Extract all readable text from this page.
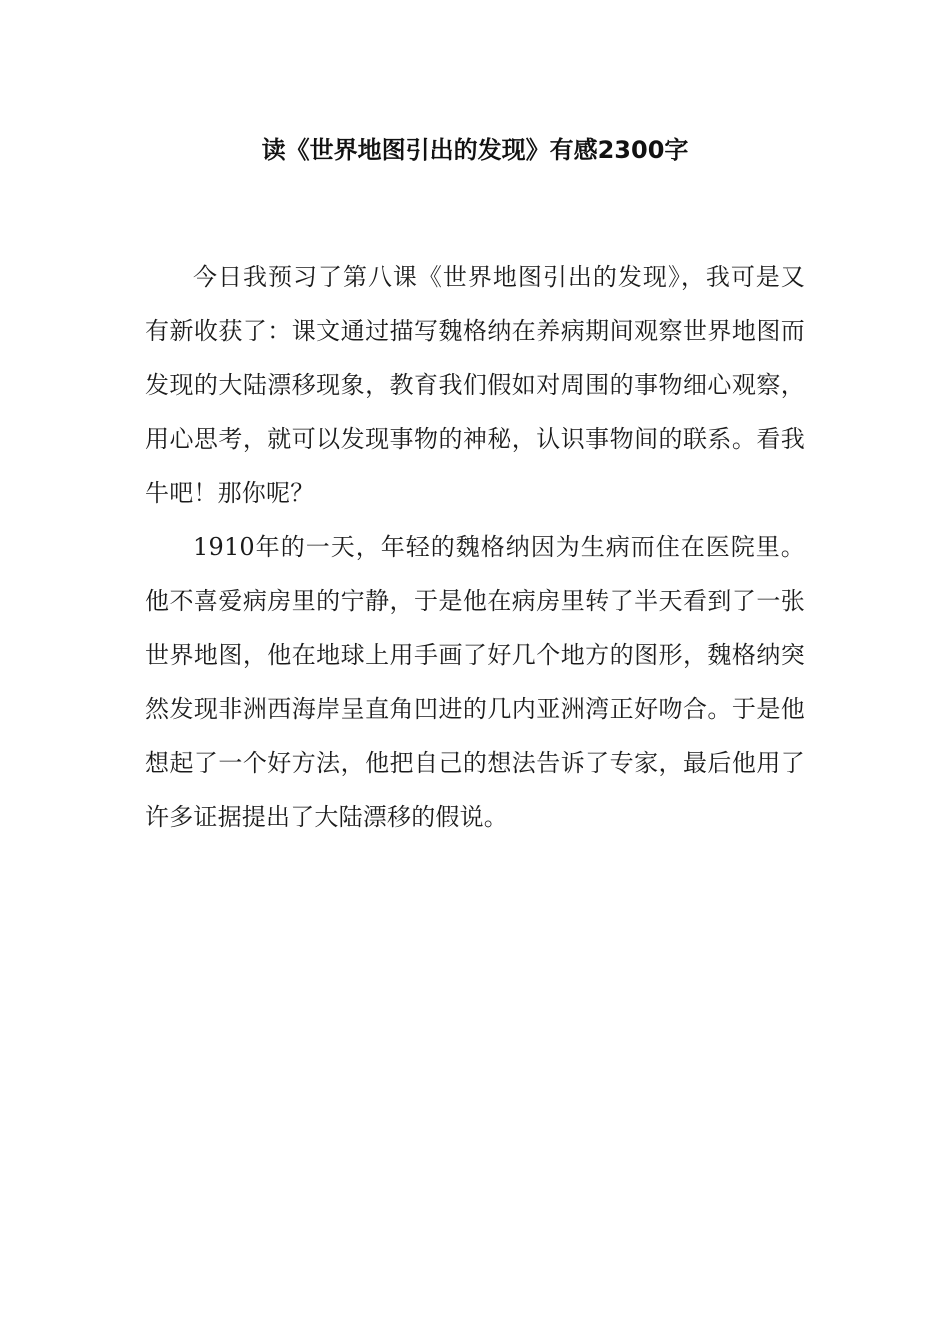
读《世界地图引出的发现》有感2300字

今日我预习了第八课《世界地图引出的发现》，我可是又有新收获了：课文通过描写魏格纳在养病期间观察世界地图而发现的大陆漂移现象，教育我们假如对周围的事物细心观察，用心思考，就可以发现事物的神秘，认识事物间的联系。看我牛吧！那你呢？

1910年的一天，年轻的魏格纳因为生病而住在医院里。他不喜爱病房里的宁静，于是他在病房里转了半天看到了一张世界地图，他在地球上用手画了好几个地方的图形，魏格纳突然发现非洲西海岸呈直角凹进的几内亚洲湾正好吻合。于是他想起了一个好方法，他把自己的想法告诉了专家，最后他用了许多证据提出了大陆漂移的假说。
